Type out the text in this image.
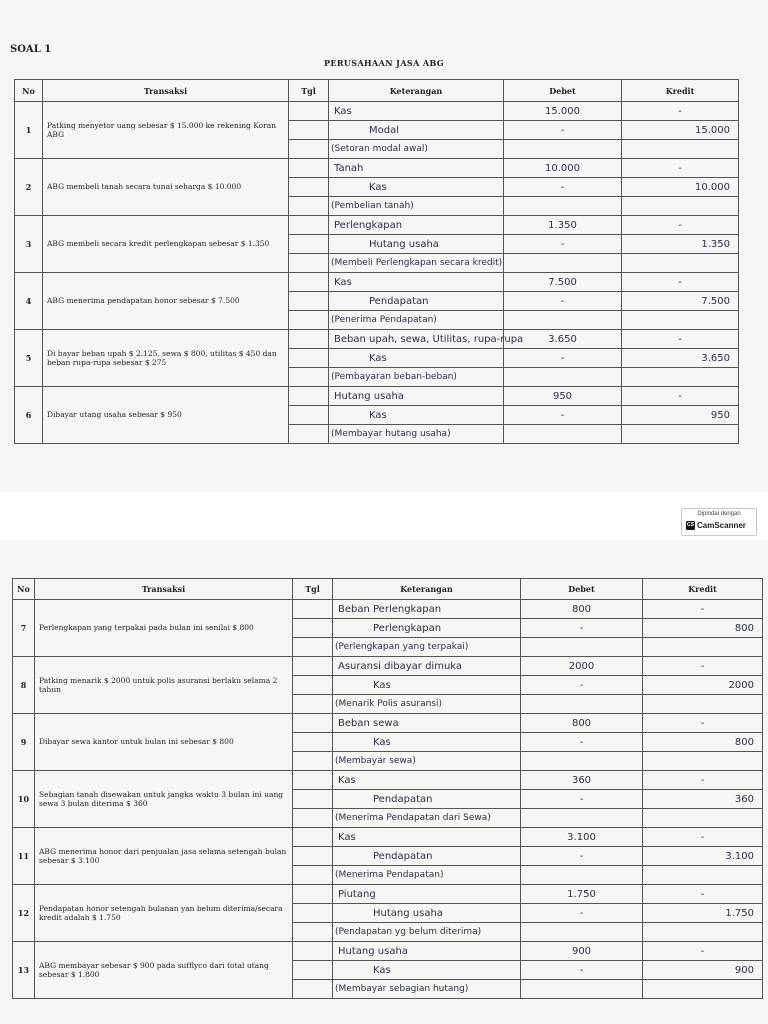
SOAL 1
PERUSAHAAN JASA ABG
No	Transaksi	Tgl	Keterangan	Debet	Kredit
1	Patking menyetor uang sebesar $ 15.000 ke rekening Koran ABG		Kas	15.000	-
			Modal	-	15.000
			(Setoran modal awal)		
2	ABG membeli tanah secara tunai seharga $ 10.000		Tanah	10.000	-
			Kas	-	10.000
			(Pembelian tanah)		
3	ABG membeli secara kredit perlengkapan sebesar $ 1.350		Perlengkapan	1.350	-
			Hutang usaha	-	1.350
			(Membeli Perlengkapan secara kredit)		
4	ABG menerima pendapatan honor sebesar $ 7.500		Kas	7.500	-
			Pendapatan	-	7.500
			(Penerima Pendapatan)		
5	Di bayar beban upah $ 2.125, sewa $ 800, utilitas $ 450 dan beban rupa-rupa sebesar $ 275		Beban upah, sewa, Utilitas, rupa-rupa	3.650	-
			Kas	-	3.650
			(Pembayaran beban-beban)		
6	Dibayar utang usaha sebesar $ 950		Hutang usaha	950	-
			Kas	-	950
			(Membayar hutang usaha)		
Dipindai dengan
CS CamScanner
No	Transaksi	Tgl	Keterangan	Debet	Kredit
7	Perlengkapan yang terpakai pada bulan ini senilai $ 800		Beban Perlengkapan	800	-
			Perlengkapan	-	800
			(Perlengkapan yang terpakai)		
8	Patking menarik $ 2000 untuk polis asuransi berlaku selama 2 tahun		Asuransi dibayar dimuka	2000	-
			Kas	-	2000
			(Menarik Polis asuransi)		
9	Dibayar sewa kantor untuk bulan ini sebesar $ 800		Beban sewa	800	-
			Kas	-	800
			(Membayar sewa)		
10	Sebagian tanah disewakan untuk jangka waktu 3 bulan ini uang sewa 3 bulan diterima $ 360		Kas	360	-
			Pendapatan	-	360
			(Menerima Pendapatan dari Sewa)		
11	ABG menerima honor dari penjualan jasa selama setengah bulan sebesar $ 3.100		Kas	3.100	-
			Pendapatan	-	3.100
			(Menerima Pendapatan)		
12	Pendapatan honor setengah bulanan yan belum diterima/secara kredit adalah $ 1.750		Piutang	1.750	-
			Hutang usaha	-	1.750
			(Pendapatan yg belum diterima)		
13	ABG membayar sebesar $ 900 pada sufflyco dari total utang sebesar $ 1.800		Hutang usaha	900	-
			Kas	-	900
			(Membayar sebagian hutang)		
